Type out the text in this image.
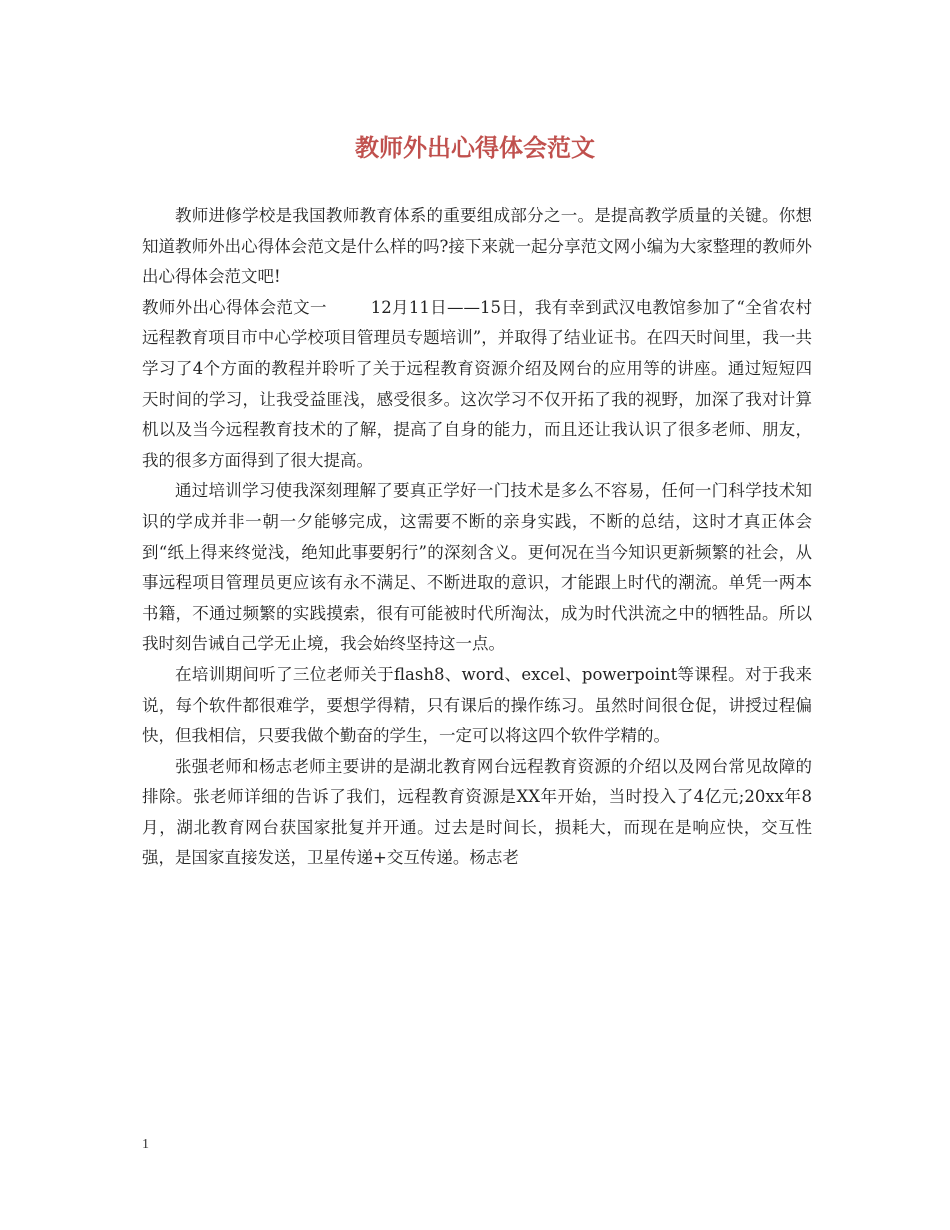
教师外出心得体会范文

教师进修学校是我国教师教育体系的重要组成部分之一。是提高教学质量的关键。你想知道教师外出心得体会范文是什么样的吗?接下来就一起分享范文网小编为大家整理的教师外出心得体会范文吧!

教师外出心得体会范文一	12月11日——15日，我有幸到武汉电教馆参加了“全省农村远程教育项目市中心学校项目管理员专题培训”，并取得了结业证书。在四天时间里，我一共学习了4个方面的教程并聆听了关于远程教育资源介绍及网台的应用等的讲座。通过短短四天时间的学习，让我受益匪浅，感受很多。这次学习不仅开拓了我的视野，加深了我对计算机以及当今远程教育技术的了解，提高了自身的能力，而且还让我认识了很多老师、朋友，我的很多方面得到了很大提高。

通过培训学习使我深刻理解了要真正学好一门技术是多么不容易，任何一门科学技术知识的学成并非一朝一夕能够完成，这需要不断的亲身实践，不断的总结，这时才真正体会到“纸上得来终觉浅，绝知此事要躬行”的深刻含义。更何况在当今知识更新频繁的社会，从事远程项目管理员更应该有永不满足、不断进取的意识，才能跟上时代的潮流。单凭一两本书籍，不通过频繁的实践摸索，很有可能被时代所淘汰，成为时代洪流之中的牺牲品。所以我时刻告诫自己学无止境，我会始终坚持这一点。

在培训期间听了三位老师关于flash8、word、excel、powerpoint等课程。对于我来说，每个软件都很难学，要想学得精，只有课后的操作练习。虽然时间很仓促，讲授过程偏快，但我相信，只要我做个勤奋的学生，一定可以将这四个软件学精的。

张强老师和杨志老师主要讲的是湖北教育网台远程教育资源的介绍以及网台常见故障的排除。张老师详细的告诉了我们，远程教育资源是XX年开始，当时投入了4亿元;20xx年8月，湖北教育网台获国家批复并开通。过去是时间长，损耗大，而现在是响应快，交互性强，是国家直接发送，卫星传递+交互传递。杨志老

1
